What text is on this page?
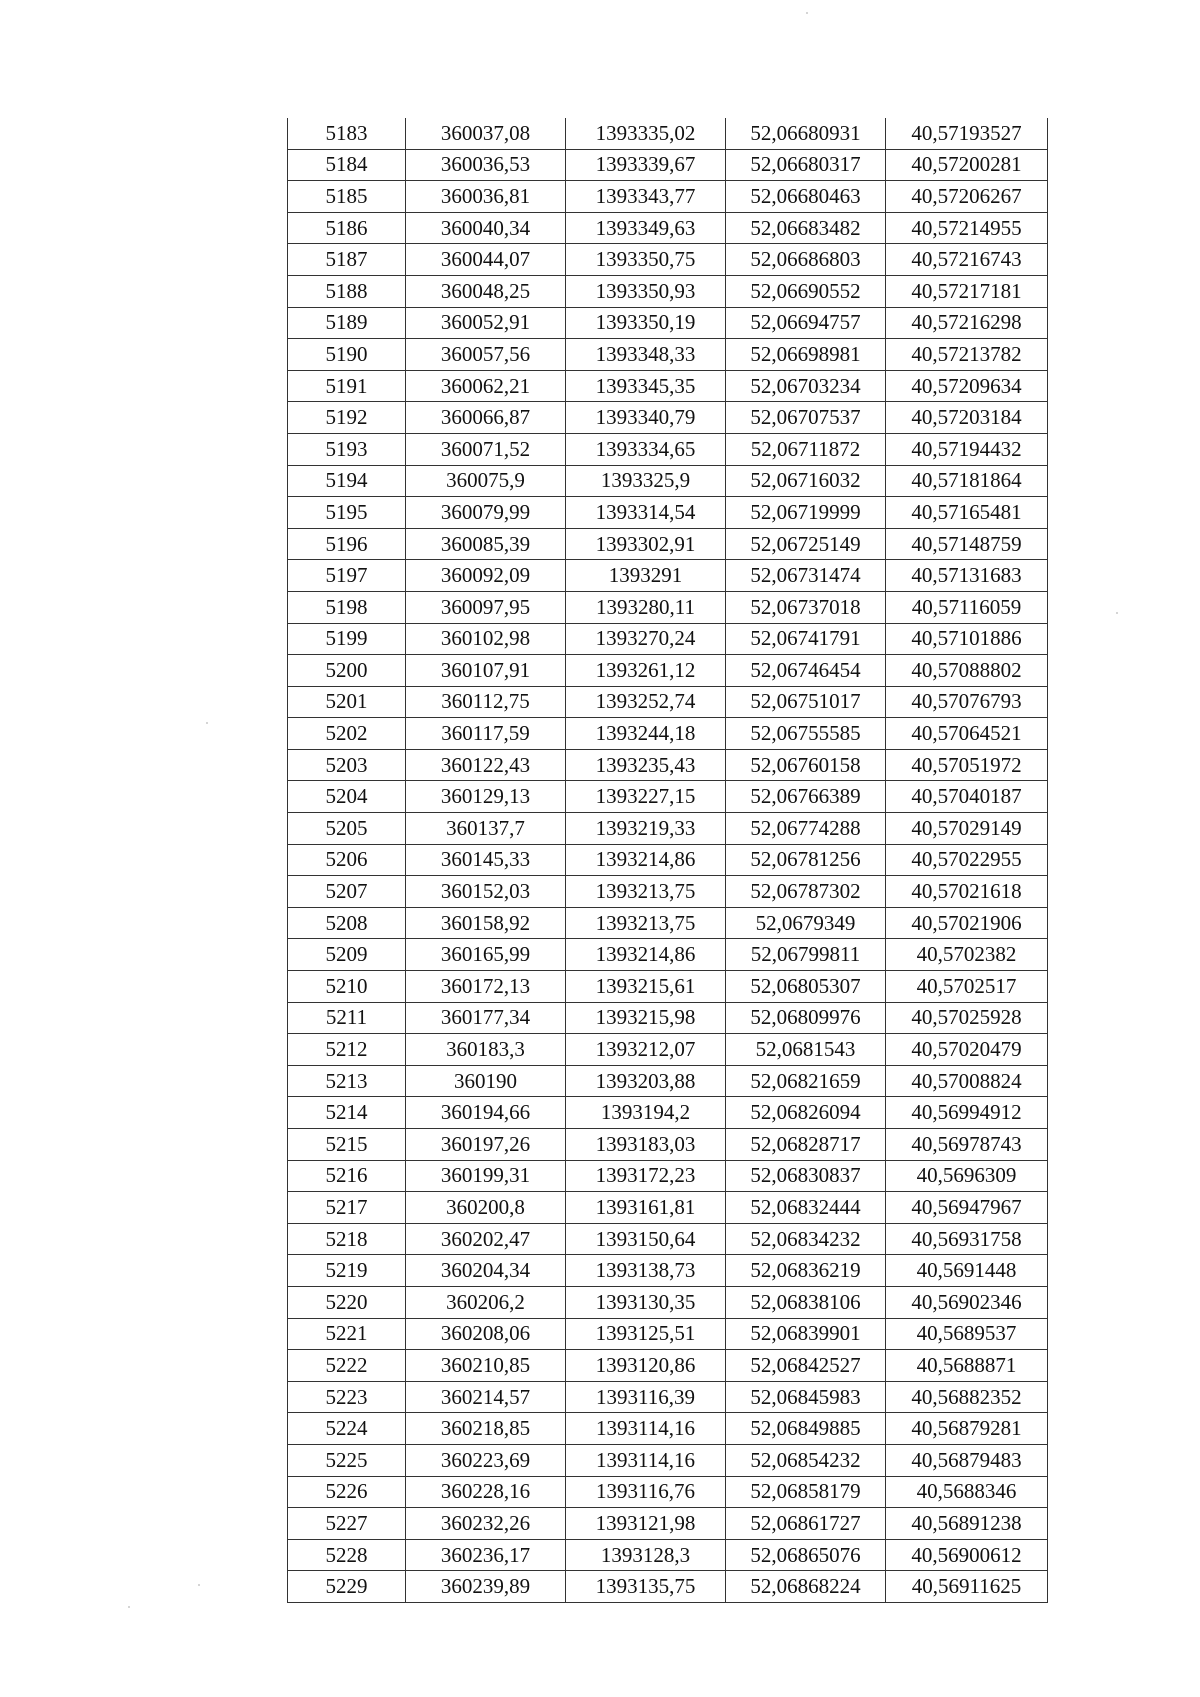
5183	360037,08	1393335,02	52,06680931	40,57193527
5184	360036,53	1393339,67	52,06680317	40,57200281
5185	360036,81	1393343,77	52,06680463	40,57206267
5186	360040,34	1393349,63	52,06683482	40,57214955
5187	360044,07	1393350,75	52,06686803	40,57216743
5188	360048,25	1393350,93	52,06690552	40,57217181
5189	360052,91	1393350,19	52,06694757	40,57216298
5190	360057,56	1393348,33	52,06698981	40,57213782
5191	360062,21	1393345,35	52,06703234	40,57209634
5192	360066,87	1393340,79	52,06707537	40,57203184
5193	360071,52	1393334,65	52,06711872	40,57194432
5194	360075,9	1393325,9	52,06716032	40,57181864
5195	360079,99	1393314,54	52,06719999	40,57165481
5196	360085,39	1393302,91	52,06725149	40,57148759
5197	360092,09	1393291	52,06731474	40,57131683
5198	360097,95	1393280,11	52,06737018	40,57116059
5199	360102,98	1393270,24	52,06741791	40,57101886
5200	360107,91	1393261,12	52,06746454	40,57088802
5201	360112,75	1393252,74	52,06751017	40,57076793
5202	360117,59	1393244,18	52,06755585	40,57064521
5203	360122,43	1393235,43	52,06760158	40,57051972
5204	360129,13	1393227,15	52,06766389	40,57040187
5205	360137,7	1393219,33	52,06774288	40,57029149
5206	360145,33	1393214,86	52,06781256	40,57022955
5207	360152,03	1393213,75	52,06787302	40,57021618
5208	360158,92	1393213,75	52,0679349	40,57021906
5209	360165,99	1393214,86	52,06799811	40,5702382
5210	360172,13	1393215,61	52,06805307	40,5702517
5211	360177,34	1393215,98	52,06809976	40,57025928
5212	360183,3	1393212,07	52,0681543	40,57020479
5213	360190	1393203,88	52,06821659	40,57008824
5214	360194,66	1393194,2	52,06826094	40,56994912
5215	360197,26	1393183,03	52,06828717	40,56978743
5216	360199,31	1393172,23	52,06830837	40,5696309
5217	360200,8	1393161,81	52,06832444	40,56947967
5218	360202,47	1393150,64	52,06834232	40,56931758
5219	360204,34	1393138,73	52,06836219	40,5691448
5220	360206,2	1393130,35	52,06838106	40,56902346
5221	360208,06	1393125,51	52,06839901	40,5689537
5222	360210,85	1393120,86	52,06842527	40,5688871
5223	360214,57	1393116,39	52,06845983	40,56882352
5224	360218,85	1393114,16	52,06849885	40,56879281
5225	360223,69	1393114,16	52,06854232	40,56879483
5226	360228,16	1393116,76	52,06858179	40,5688346
5227	360232,26	1393121,98	52,06861727	40,56891238
5228	360236,17	1393128,3	52,06865076	40,56900612
5229	360239,89	1393135,75	52,06868224	40,56911625
